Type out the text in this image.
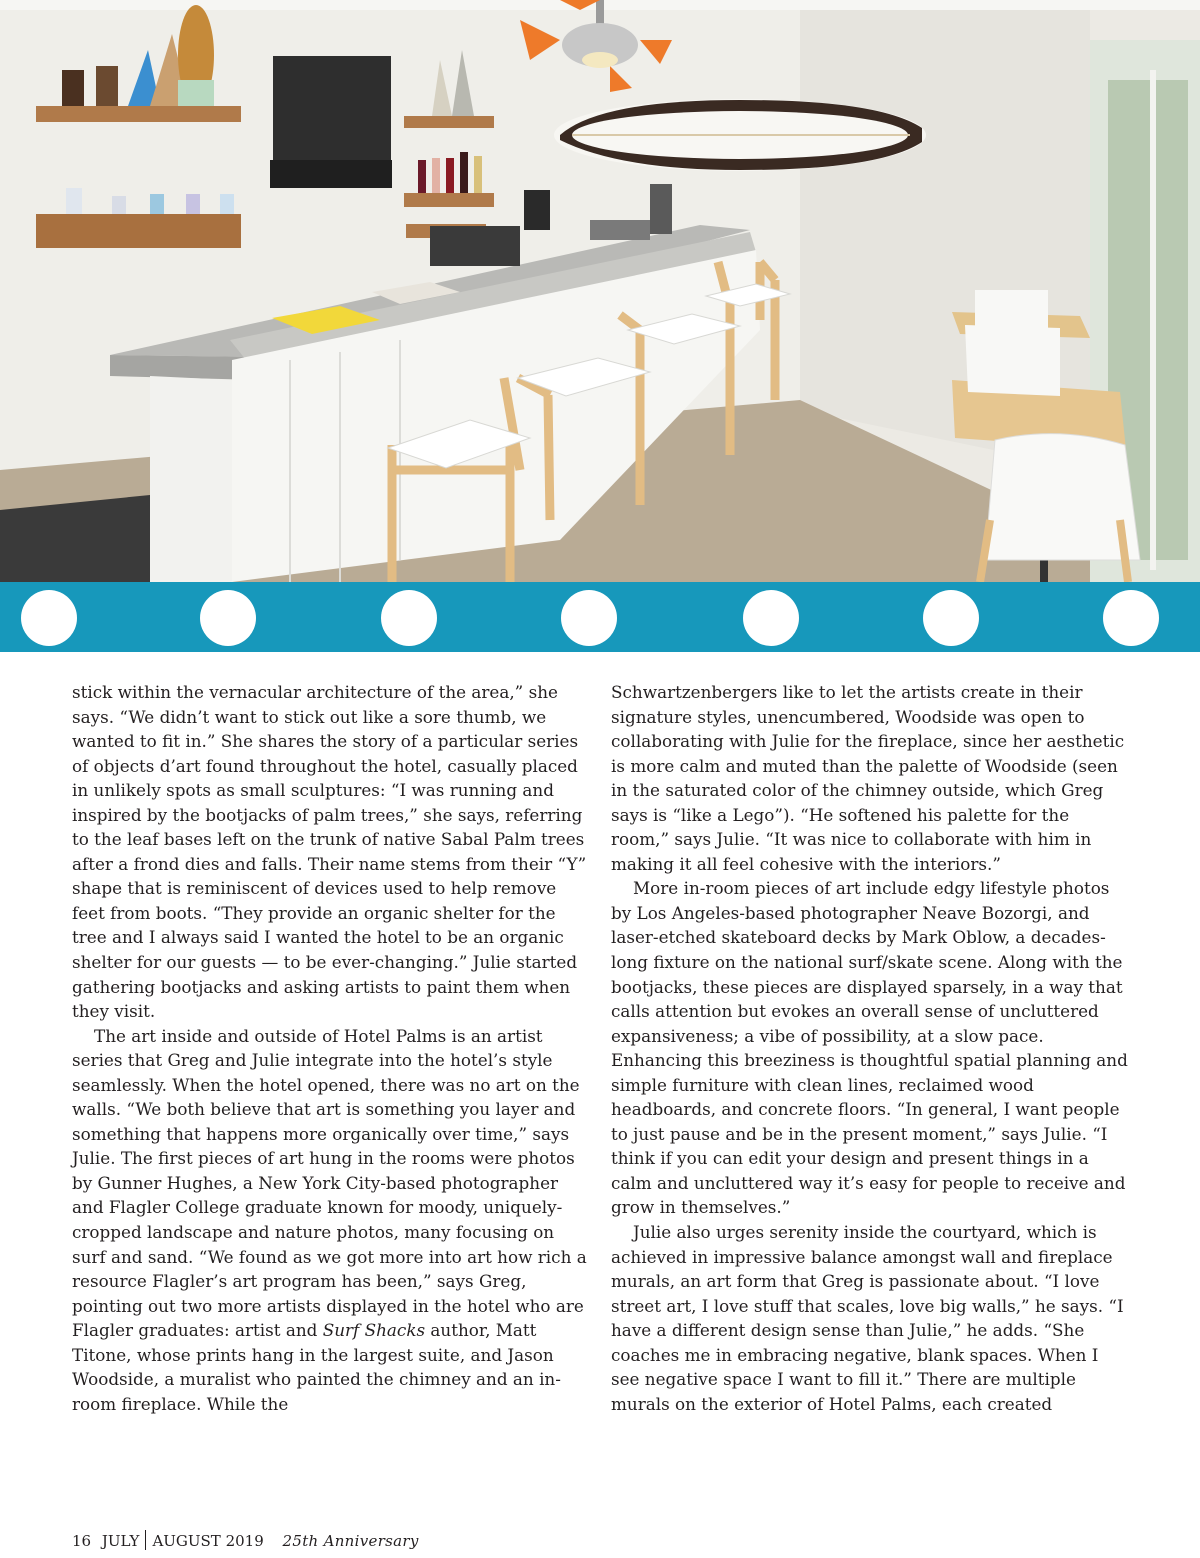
stick within the vernacular architecture of the area,” she says. “We didn’t want to stick out like a sore thumb, we wanted to fit in.” She shares the story of a particular series of objects d’art found throughout the hotel, casually placed in unlikely spots as small sculptures: “I was running and inspired by the bootjacks of palm trees,” she says, referring to the leaf bases left on the trunk of native Sabal Palm trees after a frond dies and falls. Their name stems from their “Y” shape that is reminiscent of devices used to help remove feet from boots. “They provide an organic shelter for the tree and I always said I wanted the hotel to be an organic shelter for our guests — to be ever-changing.” Julie started gathering bootjacks and asking artists to paint them when they visit.

The art inside and outside of Hotel Palms is an artist series that Greg and Julie integrate into the hotel’s style seamlessly. When the hotel opened, there was no art on the walls. “We both believe that art is something you layer and something that happens more organically over time,” says Julie. The first pieces of art hung in the rooms were photos by Gunner Hughes, a New York City-based photographer and Flagler College graduate known for moody, uniquely-cropped landscape and nature photos, many focusing on surf and sand. “We found as we got more into art how rich a resource Flagler’s art program has been,” says Greg, pointing out two more artists displayed in the hotel who are Flagler graduates: artist and Surf Shacks author, Matt Titone, whose prints hang in the largest suite, and Jason Woodside, a muralist who painted the chimney and an in-room fireplace. While the

Schwartzenbergers like to let the artists create in their signature styles, unencumbered, Woodside was open to collaborating with Julie for the fireplace, since her aesthetic is more calm and muted than the palette of Woodside (seen in the saturated color of the chimney outside, which Greg says is “like a Lego”). “He softened his palette for the room,” says Julie. “It was nice to collaborate with him in making it all feel cohesive with the interiors.”

More in-room pieces of art include edgy lifestyle photos by Los Angeles-based photographer Neave Bozorgi, and laser-etched skateboard decks by Mark Oblow, a decades-long fixture on the national surf/skate scene. Along with the bootjacks, these pieces are displayed sparsely, in a way that calls attention but evokes an overall sense of uncluttered expansiveness; a vibe of possibility, at a slow pace. Enhancing this breeziness is thoughtful spatial planning and simple furniture with clean lines, reclaimed wood headboards, and concrete floors. “In general, I want people to just pause and be in the present moment,” says Julie. “I think if you can edit your design and present things in a calm and uncluttered way it’s easy for people to receive and grow in themselves.”

Julie also urges serenity inside the courtyard, which is achieved in impressive balance amongst wall and fireplace murals, an art form that Greg is passionate about. “I love street art, I love stuff that scales, love big walls,” he says. “I have a different design sense than Julie,” he adds. “She coaches me in embracing negative, blank spaces. When I see negative space I want to fill it.” There are multiple murals on the exterior of Hotel Palms, each created

16 JULY AUGUST 2019 25th Anniversary
